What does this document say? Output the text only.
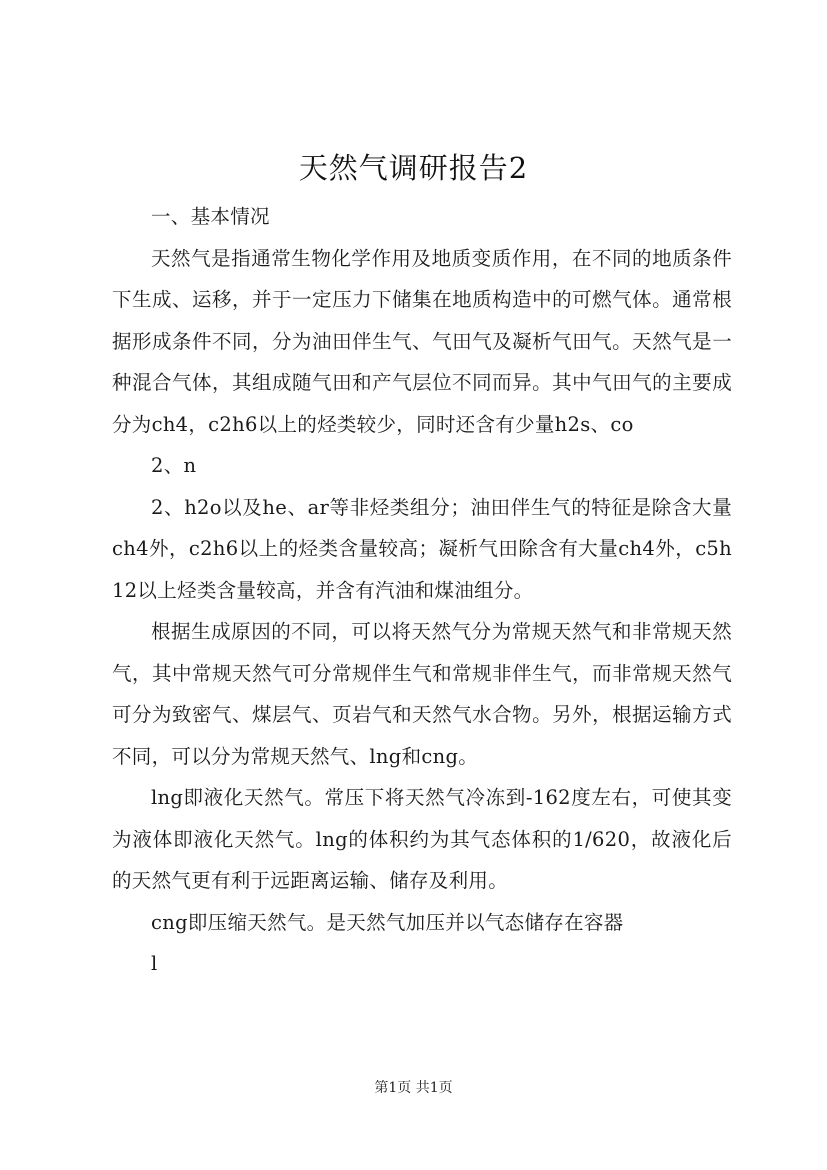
天然气调研报告2

一、基本情况

天然气是指通常生物化学作用及地质变质作用，在不同的地质条件下生成、运移，并于一定压力下储集在地质构造中的可燃气体。通常根据形成条件不同，分为油田伴生气、气田气及凝析气田气。天然气是一种混合气体，其组成随气田和产气层位不同而异。其中气田气的主要成分为ch4，c2h6以上的烃类较少，同时还含有少量h2s、co

2、n

2、h2o以及he、ar等非烃类组分；油田伴生气的特征是除含大量ch4外，c2h6以上的烃类含量较高；凝析气田除含有大量ch4外，c5h12以上烃类含量较高，并含有汽油和煤油组分。

根据生成原因的不同，可以将天然气分为常规天然气和非常规天然气，其中常规天然气可分常规伴生气和常规非伴生气，而非常规天然气可分为致密气、煤层气、页岩气和天然气水合物。另外，根据运输方式不同，可以分为常规天然气、lng和cng。

lng即液化天然气。常压下将天然气冷冻到-162度左右，可使其变为液体即液化天然气。lng的体积约为其气态体积的1/620，故液化后的天然气更有利于远距离运输、储存及利用。

cng即压缩天然气。是天然气加压并以气态储存在容器

l

第1页 共1页
